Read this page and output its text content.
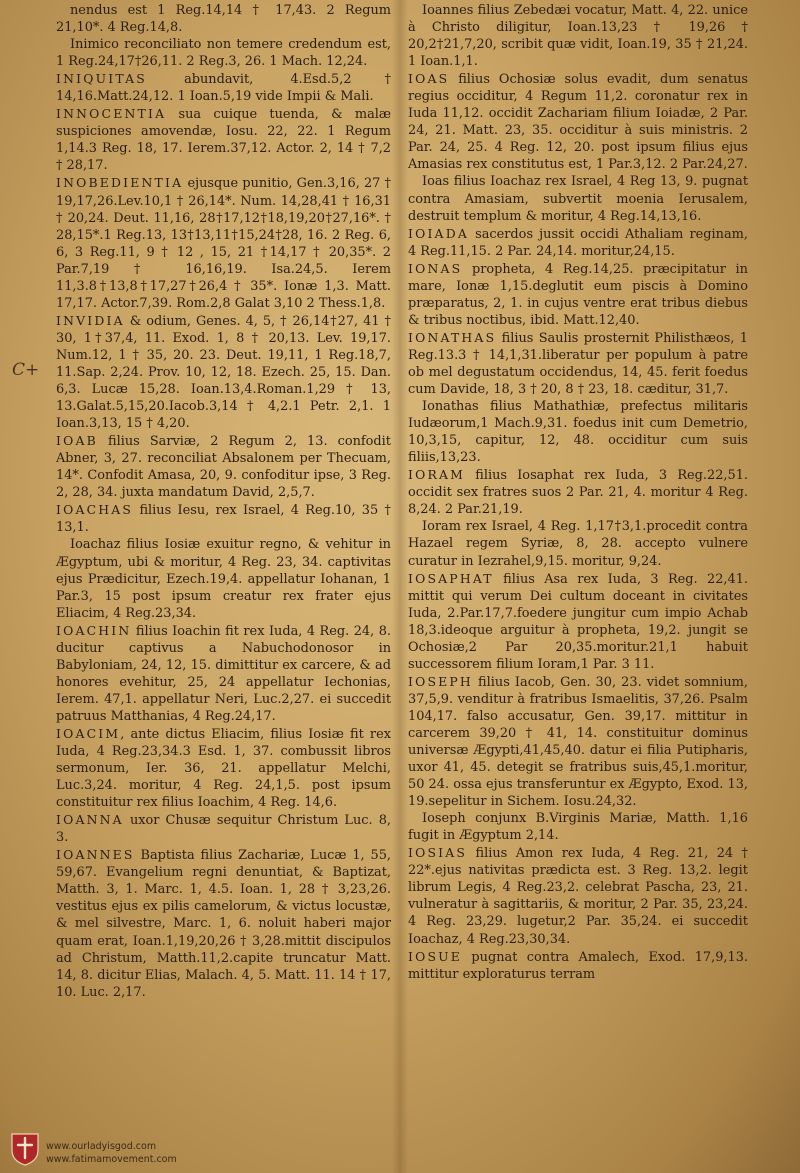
nendus est 1 Reg.14,14 † 17,43. 2 Regum 21,10*. 4 Reg.14,8.

Inimico reconciliato non temere credendum est, 1 Reg.24,17†26,11. 2 Reg.3, 26. 1 Mach. 12,24.

INIQUITAS abundavit, 4.Esd.5,2† 14,16.Matt.24,12. 1 Ioan.5,19 vide Impii & Mali.

INNOCENTIA sua cuique tuenda, & malæ suspiciones amovendæ, Iosu. 22, 22. 1 Regum 1,14.3 Reg. 18, 17. Ierem.37,12. Actor. 2, 14 † 7,2 † 28,17.

INOBEDIENTIA ejusque punitio, Gen.3,16, 27 † 19,17,26.Lev.10,1 † 26,14*. Num. 14,28,41 † 16,31 † 20,24. Deut. 11,16, 28†17,12†18,19,20†27,16*. † 28,15*.1 Reg.13, 13†13,11†15,24†28, 16. 2 Reg. 6, 6, 3 Reg.11, 9 † 12 , 15, 21 †14,17 † 20,35*. 2 Par.7,19 † 16,16,19. Isa.24,5. Ierem 11,3.8†13,8†17,27†26,4 † 35*. Ionæ 1,3. Matt. 17,17. Actor.7,39. Rom.2,8 Galat 3,10 2 Thess.1,8.

INVIDIA & odium, Genes. 4, 5, † 26,14†27, 41 † 30, 1†37,4, 11. Exod. 1, 8 † 20,13. Lev. 19,17. Num.12, 1 † 35, 20. 23. Deut. 19,11, 1 Reg.18,7, 11.Sap. 2,24. Prov. 10, 12, 18. Ezech. 25, 15. Dan. 6,3. Lucæ 15,28. Ioan.13,4.Roman.1,29 † 13, 13.Galat.5,15,20.Iacob.3,14 † 4,2.1 Petr. 2,1. 1 Ioan.3,13, 15 † 4,20.

IOAB filius Sarviæ, 2 Regum 2, 13. confodit Abner, 3, 27. reconciliat Absalonem per Thecuam, 14*. Confodit Amasa, 20, 9. confoditur ipse, 3 Reg. 2, 28, 34. juxta mandatum David, 2,5,7.

IOACHAS filius Iesu, rex Israel, 4 Reg.10, 35 † 13,1.

Ioachaz filius Iosiæ exuitur regno, & vehitur in Ægyptum, ubi & moritur, 4 Reg. 23, 34. captivitas ejus Prædicitur, Ezech.19,4. appellatur Iohanan, 1 Par.3, 15 post ipsum creatur rex frater ejus Eliacim, 4 Reg.23,34.

IOACHIN filius Ioachin fit rex Iuda, 4 Reg. 24, 8. ducitur captivus a Nabuchodonosor in Babyloniam, 24, 12, 15. dimittitur ex carcere, & ad honores evehitur, 25, 24 appellatur Iechonias, Ierem. 47,1. appellatur Neri, Luc.2,27. ei succedit patruus Matthanias, 4 Reg.24,17.

IOACIM, ante dictus Eliacim, filius Iosiæ fit rex Iuda, 4 Reg.23,34.3 Esd. 1, 37. combussit libros sermonum, Ier. 36, 21. appellatur Melchi, Luc.3,24. moritur, 4 Reg. 24,1,5. post ipsum constituitur rex filius Ioachim, 4 Reg. 14,6.

IOANNA uxor Chusæ sequitur Christum Luc. 8, 3.

IOANNES Baptista filius Zachariæ, Lucæ 1, 55, 59,67. Evangelium regni denuntiat, & Baptizat, Matth. 3, 1. Marc. 1, 4.5. Ioan. 1, 28 † 3,23,26. vestitus ejus ex pilis camelorum, & victus locustæ, & mel silvestre, Marc. 1, 6. noluit haberi major quam erat, Ioan.1,19,20,26 † 3,28.mittit discipulos ad Christum, Matth.11,2.capite truncatur Matt. 14, 8. dicitur Elias, Malach. 4, 5. Matt. 11. 14 † 17, 10. Luc. 2,17.

Ioannes filius Zebedæi vocatur, Matt. 4, 22. unice à Christo diligitur, Ioan.13,23 † 19,26 † 20,2†21,7,20, scribit quæ vidit, Ioan.19, 35 † 21,24. 1 Ioan.1,1.

IOAS filius Ochosiæ solus evadit, dum senatus regius occiditur, 4 Regum 11,2. coronatur rex in Iuda 11,12. occidit Zachariam filium Ioiadæ, 2 Par. 24, 21. Matt. 23, 35. occiditur à suis ministris. 2 Par. 24, 25. 4 Reg. 12, 20. post ipsum filius ejus Amasias rex constitutus est, 1 Par.3,12. 2 Par.24,27.

Ioas filius Ioachaz rex Israel, 4 Reg 13, 9. pugnat contra Amasiam, subvertit moenia Ierusalem, destruit templum & moritur, 4 Reg.14,13,16.

IOIADA sacerdos jussit occidi Athaliam reginam, 4 Reg.11,15. 2 Par. 24,14. moritur,24,15.

IONAS propheta, 4 Reg.14,25. præcipitatur in mare, Ionæ 1,15.deglutit eum piscis à Domino præparatus, 2, 1. in cujus ventre erat tribus diebus & tribus noctibus, ibid. Matt.12,40.

IONATHAS filius Saulis prosternit Philisthæos, 1 Reg.13.3 † 14,1,31.liberatur per populum à patre ob mel degustatum occidendus, 14, 45. ferit foedus cum Davide, 18, 3 † 20, 8 † 23, 18. cæditur, 31,7.

Ionathas filius Mathathiæ, prefectus militaris Iudæorum,1 Mach.9,31. foedus init cum Demetrio, 10,3,15, capitur, 12, 48. occiditur cum suis filiis,13,23.

IORAM filius Iosaphat rex Iuda, 3 Reg.22,51. occidit sex fratres suos 2 Par. 21, 4. moritur 4 Reg. 8,24. 2 Par.21,19.

Ioram rex Israel, 4 Reg. 1,17†3,1.procedit contra Hazael regem Syriæ, 8, 28. accepto vulnere curatur in Iezrahel,9,15. moritur, 9,24.

IOSAPHAT filius Asa rex Iuda, 3 Reg. 22,41. mittit qui verum Dei cultum doceant in civitates Iuda, 2.Par.17,7.foedere jungitur cum impio Achab 18,3.ideoque arguitur à propheta, 19,2. jungit se Ochosiæ,2 Par 20,35.moritur.21,1 habuit successorem filium Ioram,1 Par. 3 11.

IOSEPH filius Iacob, Gen. 30, 23. videt somnium, 37,5,9. venditur à fratribus Ismaelitis, 37,26. Psalm 104,17. falso accusatur, Gen. 39,17. mittitur in carcerem 39,20 † 41, 14. constituitur dominus universæ Ægypti,41,45,40. datur ei filia Putipharis, uxor 41, 45. detegit se fratribus suis,45,1.moritur, 50 24. ossa ejus transferuntur ex Ægypto, Exod. 13, 19.sepelitur in Sichem. Iosu.24,32.

Ioseph conjunx B.Virginis Mariæ, Matth. 1,16 fugit in Ægyptum 2,14.

IOSIAS filius Amon rex Iuda, 4 Reg. 21, 24 † 22*.ejus nativitas prædicta est. 3 Reg. 13,2. legit librum Legis, 4 Reg.23,2. celebrat Pascha, 23, 21. vulneratur à sagittariis, & moritur, 2 Par. 35, 23,24. 4 Reg. 23,29. lugetur,2 Par. 35,24. ei succedit Ioachaz, 4 Reg.23,30,34.

IOSUE pugnat contra Amalech, Exod. 17,9,13. mittitur exploraturus terram

C+
www.ourladyisgod.com
www.fatimamovement.com
